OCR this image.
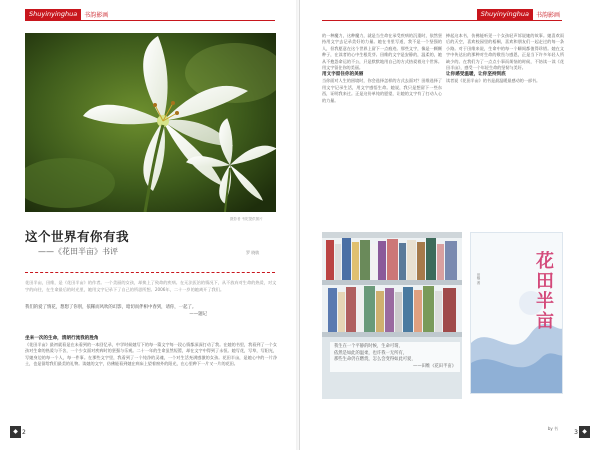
Shuyinyinghua	书韵影画
摄影者 韦陀提供图片
这个世界有你有我
——《花田半亩》书评	罗 晓敏
花田半亩，田维，是《花田半亩》的作者。一个美丽的女孩，却换上了致命的疾病。在无法医治的情况下，从不放弃对生命的热爱，对文字的向往，在生命最后的时光里，她用文字记录下了自己的所思所想。2006年，二十一岁的她离开了我们。
我们的爱了情花，想想了你别，依稀而风吹的幻影，暗切而伴相中春到，请你，一起了。
——题记
坐来一次的生命，清朗行流我的胜角
《花田半亩》最初就看是在未看到的一本回忆录，中学时候她写下的每一篇文字每一段心情都深深打动了我。在她的书里，我看到了一个女孩对生命的热爱与不舍，一个少女面对疾病时的坚强与乐观。二十一年的生命虽然短暂，却在文字中得到了永恒。她写花，写草，写阳光，写她身边的每一个人，每一件事。在那些文字里，我看到了一个纯净的灵魂，一个对生活充满感激的女孩。花田半亩，是她心中的一片净土，也是留给我们最美的礼物。读她的文字，仿佛能看到她在病床上望着窗外的阳光，在心里种下一片又一片的花田。
◆ 2
Shuyinyinghua	书韵影画
的一种魔力，这种魔力，就是当生命在承受疾病的沉重时，依然坚持用文字去记录美好的力量。她在书里写道，我不是一个坚强的人，但我愿意在这个世界上留下一点痕迹。那些文字，像是一颗颗种子，在读者的心中生根发芽。田维的文字是安静的，温柔的，她从不抱怨命运的不公，只是默默地用自己的方式热爱着这个世界。用文字留住你的美丽。
用文字留住你的美丽
当你面对人生的困境时，你会选择怎样的方式去面对？田维选择了用文字记录生活，用文字感悟生命。她说，我只是想留下一些东西，证明我来过。正是这份单纯的愿望，让她的文字有了打动人心的力量。
捧起这本书，仿佛能听见一个女孩轻声诉说她的故事。她喜欢雨后的天空，喜欢校园里的梧桐，喜欢和朋友们一起走过的每一条小路。对于田维来说，生命中的每一个瞬间都值得珍惜。她在文字中传达出的那种对生命的敬畏与感恩，正是当下许多年轻人所缺少的。在我们为了一点点小事而烦恼的时候，不妨读一读《花田半亩》，感受一个年轻生命的坚韧与美好。
让你感受温暖，让你坚持到底
读者说《花田半亩》的书是最温暖最感动的一部书。
我生在一个平静的时候，生命可谓，
依然是如此的温柔，也许我一无所有，
那些生命仍在燃烧，怎么会变得如此可爱，
——田维《花田半亩》
花田半亩
田维 著
by 书	◆
3
